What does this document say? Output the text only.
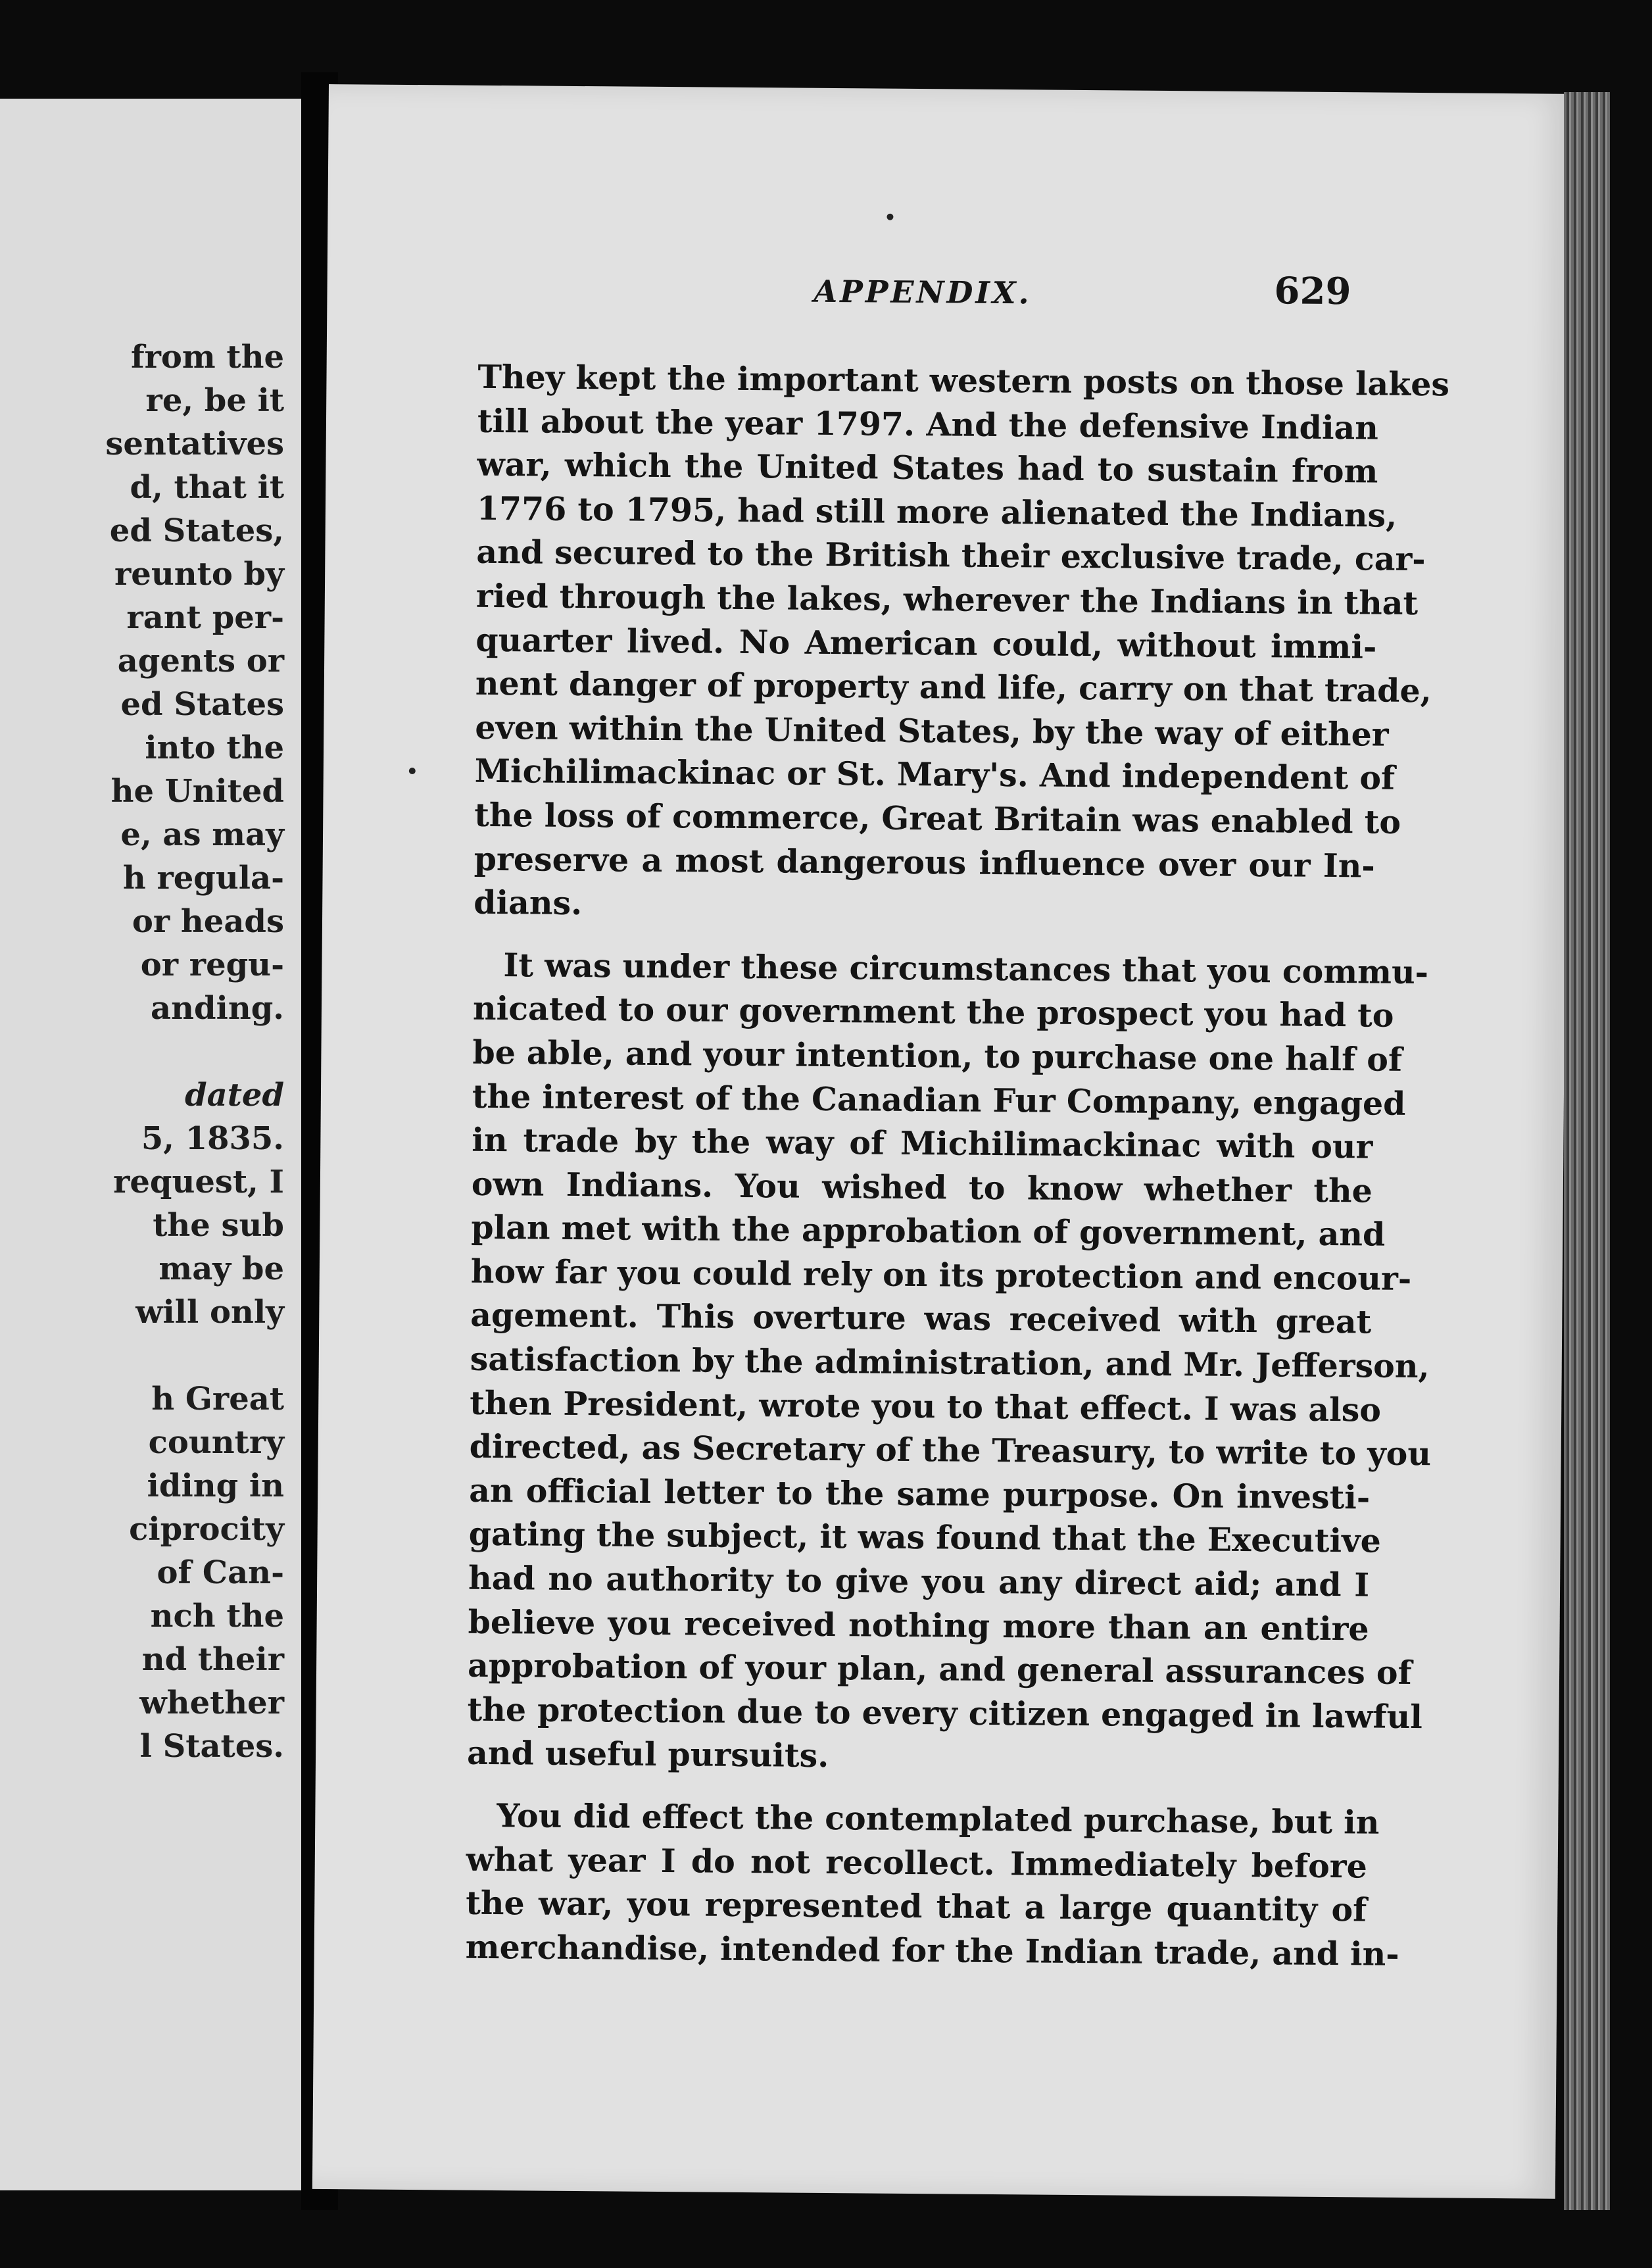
from the
re, be it
sentatives
d, that it
ed States,
reunto by
rant per-
agents or
ed States
into the
he United
e, as may
h regula-
or heads
or regu-
anding.
dated
5, 1835.
request, I
the sub
may be
will only
h Great
country
iding in
ciprocity
of Can-
nch the
nd their
whether
l States.
APPENDIX.	629
They kept the important western posts on those lakes
till about the year 1797. And the defensive Indian
war, which the United States had to sustain from
1776 to 1795, had still more alienated the Indians,
and secured to the British their exclusive trade, car-
ried through the lakes, wherever the Indians in that
quarter lived. No American could, without immi-
nent danger of property and life, carry on that trade,
even within the United States, by the way of either
Michilimackinac or St. Mary's. And independent of
the loss of commerce, Great Britain was enabled to
preserve a most dangerous influence over our In-
dians.
It was under these circumstances that you commu-
nicated to our government the prospect you had to
be able, and your intention, to purchase one half of
the interest of the Canadian Fur Company, engaged
in trade by the way of Michilimackinac with our
own Indians. You wished to know whether the
plan met with the approbation of government, and
how far you could rely on its protection and encour-
agement. This overture was received with great
satisfaction by the administration, and Mr. Jefferson,
then President, wrote you to that effect. I was also
directed, as Secretary of the Treasury, to write to you
an official letter to the same purpose. On investi-
gating the subject, it was found that the Executive
had no authority to give you any direct aid; and I
believe you received nothing more than an entire
approbation of your plan, and general assurances of
the protection due to every citizen engaged in lawful
and useful pursuits.
You did effect the contemplated purchase, but in
what year I do not recollect. Immediately before
the war, you represented that a large quantity of
merchandise, intended for the Indian trade, and in-
